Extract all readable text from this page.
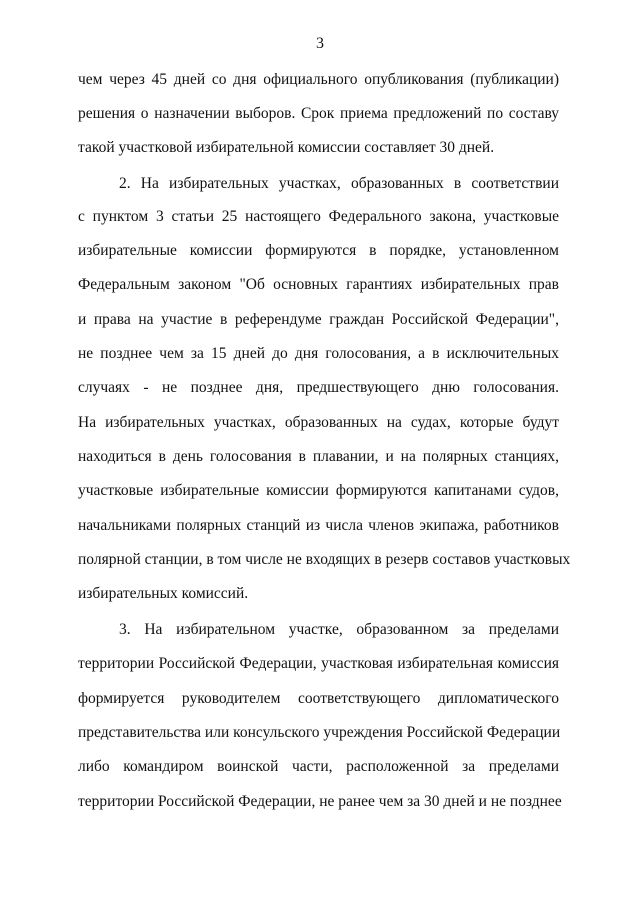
3
чем через 45 дней со дня официального опубликования (публикации)
решения о назначении выборов. Срок приема предложений по составу
такой участковой избирательной комиссии составляет 30 дней.
2. На избирательных участках, образованных в соответствии
с пунктом 3 статьи 25 настоящего Федерального закона, участковые
избирательные комиссии формируются в порядке, установленном
Федеральным законом "Об основных гарантиях избирательных прав
и права на участие в референдуме граждан Российской Федерации",
не позднее чем за 15 дней до дня голосования, а в исключительных
случаях - не позднее дня, предшествующего дню голосования.
На избирательных участках, образованных на судах, которые будут
находиться в день голосования в плавании, и на полярных станциях,
участковые избирательные комиссии формируются капитанами судов,
начальниками полярных станций из числа членов экипажа, работников
полярной станции, в том числе не входящих в резерв составов участковых
избирательных комиссий.
3. На избирательном участке, образованном за пределами
территории Российской Федерации, участковая избирательная комиссия
формируется руководителем соответствующего дипломатического
представительства или консульского учреждения Российской Федерации
либо командиром воинской части, расположенной за пределами
территории Российской Федерации, не ранее чем за 30 дней и не позднее
